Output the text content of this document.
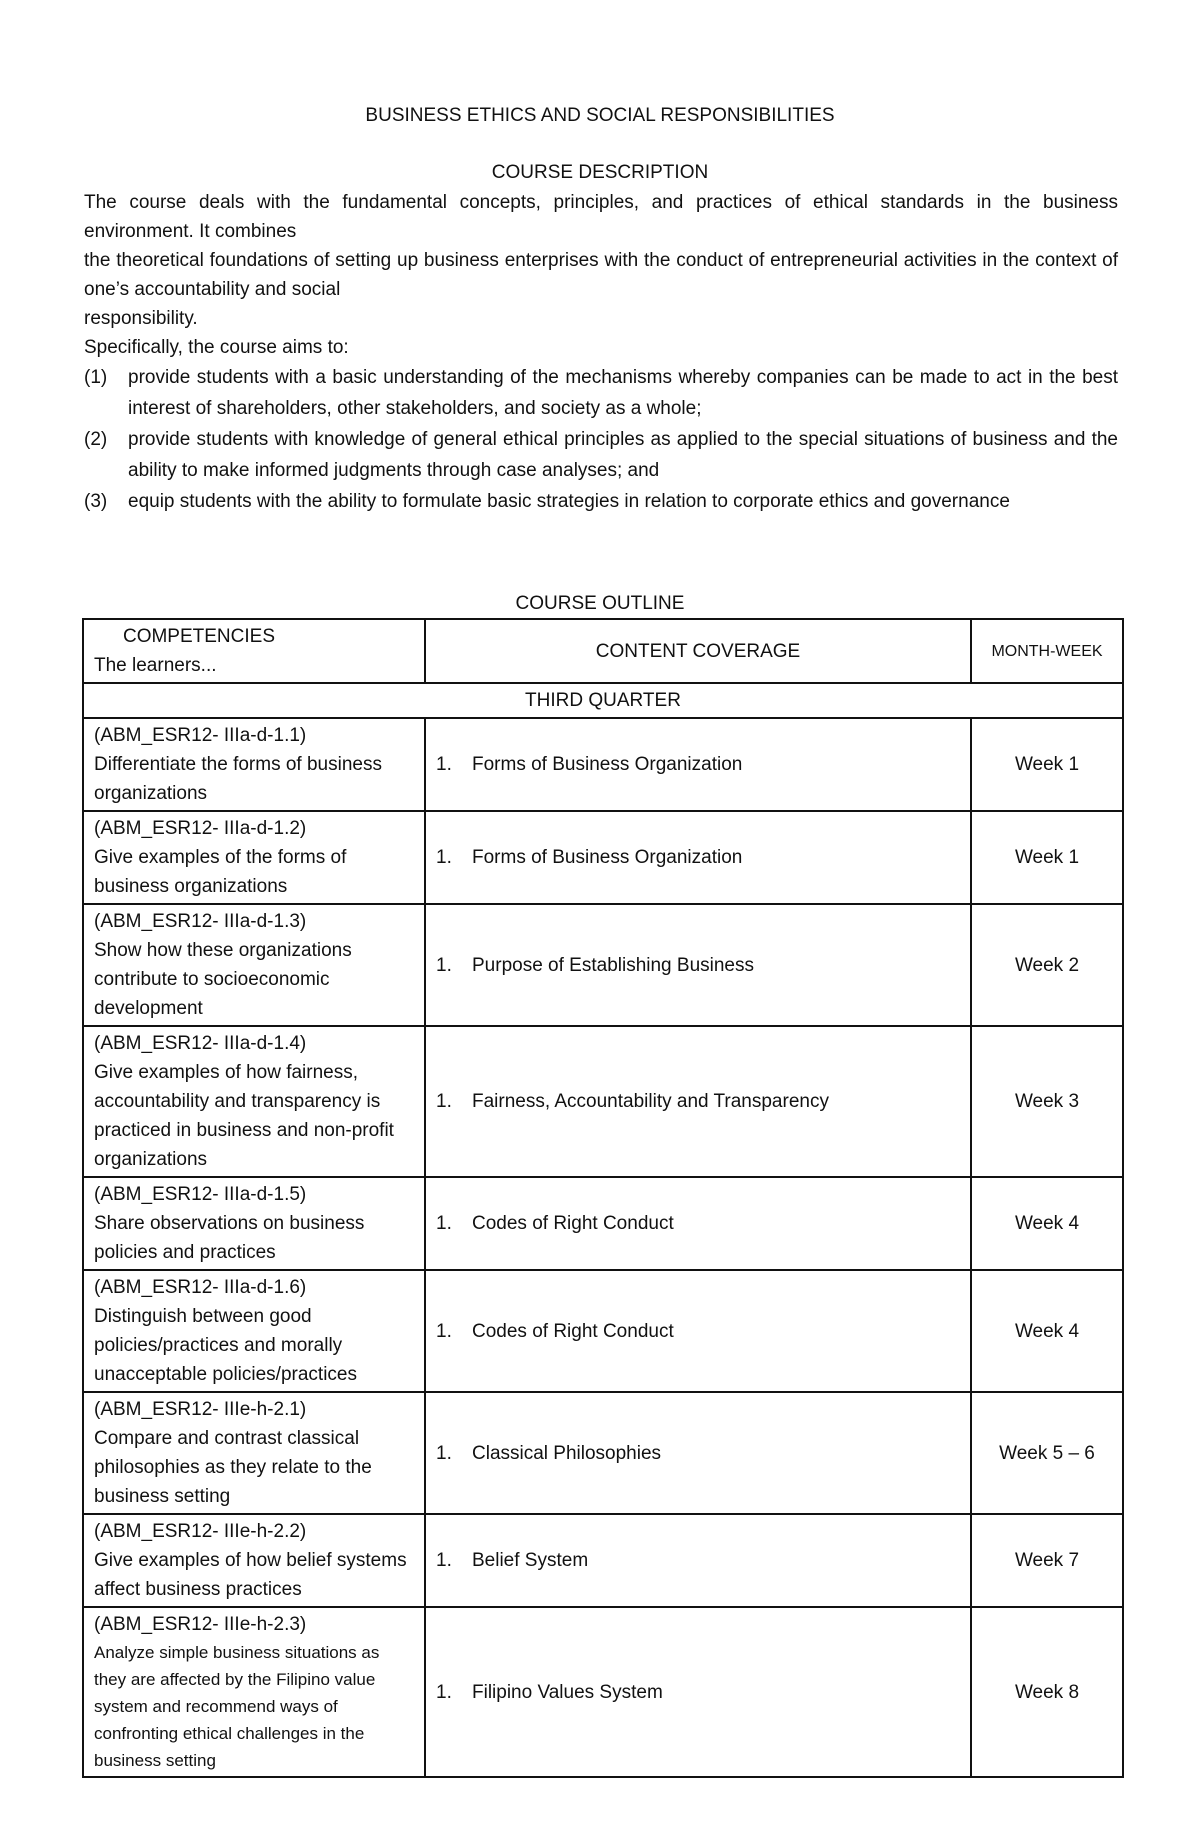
BUSINESS ETHICS AND SOCIAL RESPONSIBILITIES
COURSE DESCRIPTION

The course deals with the fundamental concepts, principles, and practices of ethical standards in the business environment. It combines

the theoretical foundations of setting up business enterprises with the conduct of entrepreneurial activities in the context of one’s accountability and social

responsibility.

Specifically, the course aims to:

(1)	provide students with a basic understanding of the mechanisms whereby companies can be made to act in the best interest of shareholders, other stakeholders, and society as a whole;
(2)	provide students with knowledge of general ethical principles as applied to the special situations of business and the ability to make informed judgments through case analyses; and
(3)	equip students with the ability to formulate basic strategies in relation to corporate ethics and governance
COURSE OUTLINE
COMPETENCIES
The learners...	CONTENT COVERAGE	MONTH-WEEK
THIRD QUARTER		

(ABM_ESR12- IIIa-d-1.1)
Differentiate the forms of business organizations	1. Forms of Business Organization	Week 1

(ABM_ESR12- IIIa-d-1.2)
Give examples of the forms of business organizations	1. Forms of Business Organization	Week 1

(ABM_ESR12- IIIa-d-1.3)
Show how these organizations contribute to socioeconomic development	1. Purpose of Establishing Business	Week 2

(ABM_ESR12- IIIa-d-1.4)
Give examples of how fairness, accountability and transparency is practiced in business and non-profit organizations	1. Fairness, Accountability and Transparency	Week 3

(ABM_ESR12- IIIa-d-1.5)
Share observations on business policies and practices	1. Codes of Right Conduct	Week 4

(ABM_ESR12- IIIa-d-1.6)
Distinguish between good policies/practices and morally unacceptable policies/practices	1. Codes of Right Conduct	Week 4

(ABM_ESR12- IIIe-h-2.1)
Compare and contrast classical philosophies as they relate to the business setting	1. Classical Philosophies	Week 5 – 6

(ABM_ESR12- IIIe-h-2.2)
Give examples of how belief systems affect business practices	1. Belief System	Week 7

(ABM_ESR12- IIIe-h-2.3)
Analyze simple business situations as they are affected by the Filipino value system and recommend ways of confronting ethical challenges in the business setting	1. Filipino Values System	Week 8
